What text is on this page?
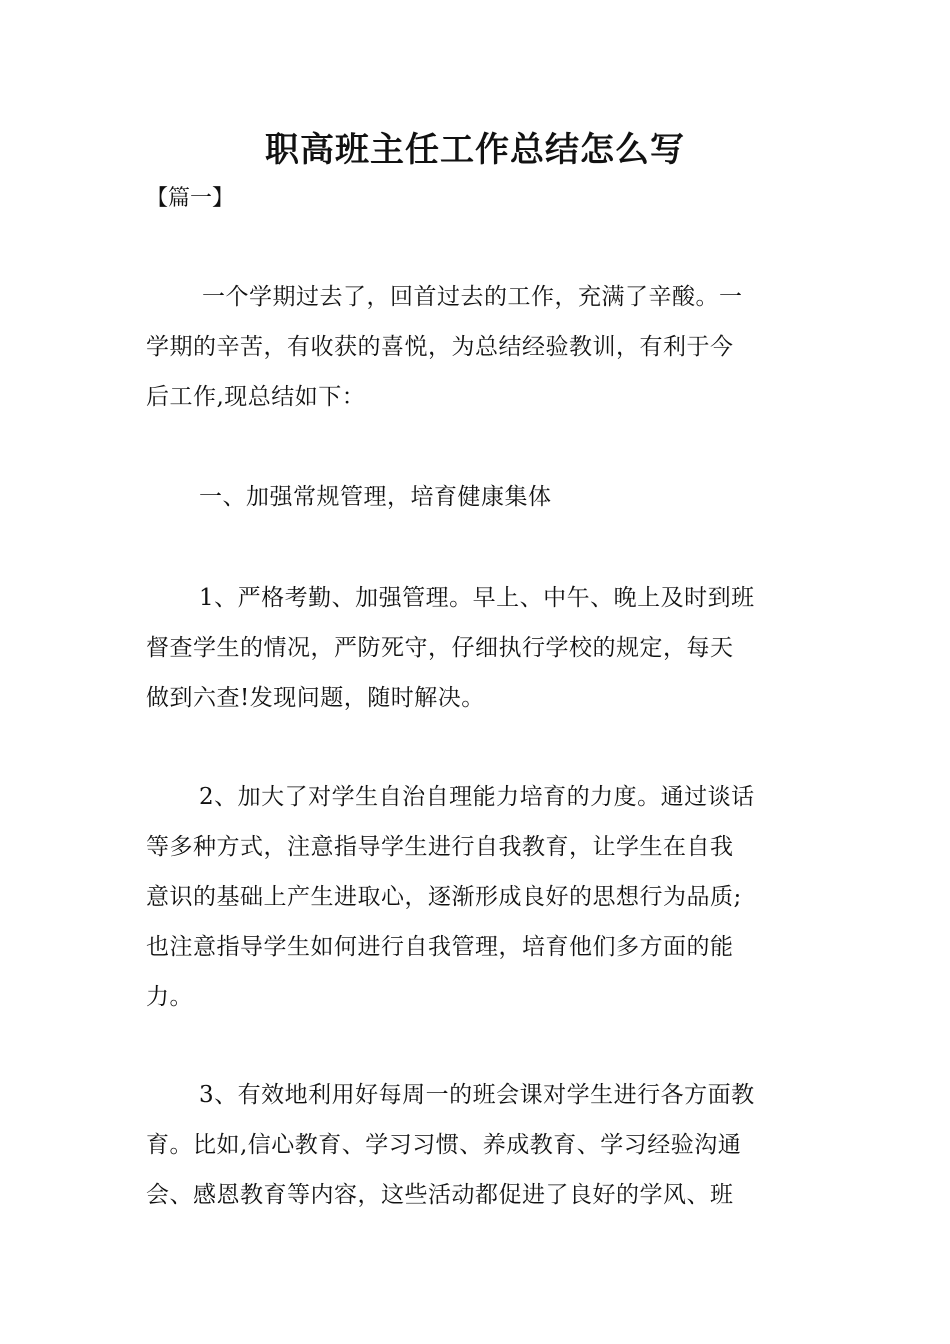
职高班主任工作总结怎么写
【篇一】
一个学期过去了，回首过去的工作，充满了辛酸。一
学期的辛苦，有收获的喜悦，为总结经验教训，有利于今
后工作,现总结如下：
一、加强常规管理，培育健康集体
1、严格考勤、加强管理。早上、中午、晚上及时到班
督查学生的情况，严防死守，仔细执行学校的规定，每天
做到六查!发现问题，随时解决。
2、加大了对学生自治自理能力培育的力度。通过谈话
等多种方式，注意指导学生进行自我教育，让学生在自我
意识的基础上产生进取心，逐渐形成良好的思想行为品质;
也注意指导学生如何进行自我管理，培育他们多方面的能
力。
3、有效地利用好每周一的班会课对学生进行各方面教
育。比如,信心教育、学习习惯、养成教育、学习经验沟通
会、感恩教育等内容，这些活动都促进了良好的学风、班
